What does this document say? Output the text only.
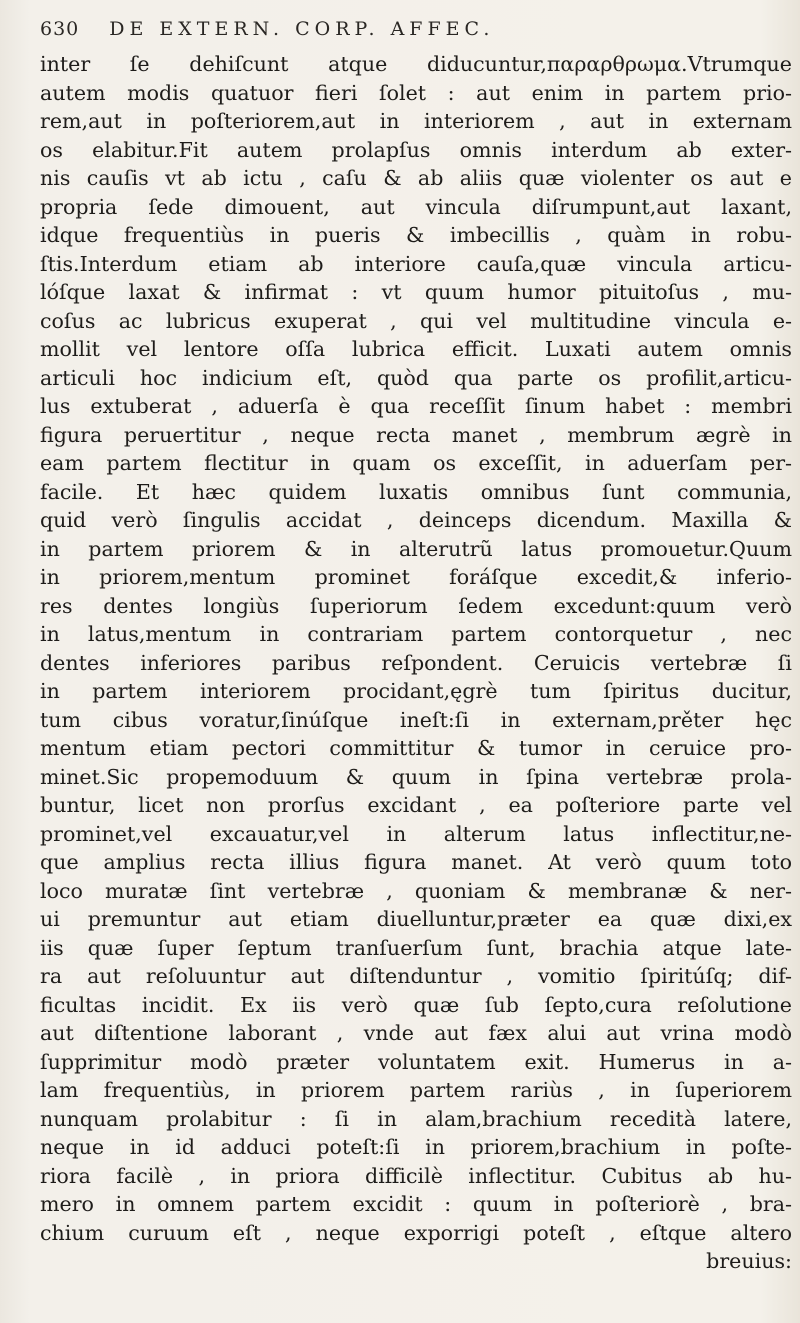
630 DE EXTERN. CORP. AFFEC.
inter ſe dehiſcunt atque diducuntur,παραρθρωμα.Vtrumque
autem modis quatuor fieri ſolet : aut enim in partem prio-
rem,aut in poſteriorem,aut in interiorem , aut in externam
os elabitur.Fit autem prolapſus omnis interdum ab exter-
nis cauſis vt ab ictu , caſu & ab aliis quæ violenter os aut e
propria ſede dimouent, aut vincula diſrumpunt,aut laxant,
idque frequentiùs in pueris & imbecillis , quàm in robu-
ſtis.Interdum etiam ab interiore cauſa,quæ vincula articu-
lóſque laxat & infirmat : vt quum humor pituitoſus , mu-
coſus ac lubricus exuperat , qui vel multitudine vincula e-
mollit vel lentore oſſa lubrica efficit. Luxati autem omnis
articuli hoc indicium eſt, quòd qua parte os profilit,articu-
lus extuberat , aduerſa è qua receſſit ſinum habet : membri
figura peruertitur , neque recta manet , membrum ægrè in
eam partem flectitur in quam os exceſſit, in aduerſam per-
facile. Et hæc quidem luxatis omnibus ſunt communia,
quid verò ſingulis accidat , deinceps dicendum. Maxilla &
in partem priorem & in alterutrũ latus promouetur.Quum
in priorem,mentum prominet foráſque excedit,& inferio-
res dentes longiùs ſuperiorum ſedem excedunt:quum verò
in latus,mentum in contrariam partem contorquetur , nec
dentes inferiores paribus reſpondent. Ceruicis vertebræ ſi
in partem interiorem procidant,ęgrè tum ſpiritus ducitur,
tum cibus voratur,ſinúſque ineſt:ſi in externam,prěter hęc
mentum etiam pectori committitur & tumor in ceruice pro-
minet.Sic propemoduum & quum in ſpina vertebræ prola-
buntur, licet non prorſus excidant , ea poſteriore parte vel
prominet,vel excauatur,vel in alterum latus inflectitur,ne-
que amplius recta illius figura manet. At verò quum toto
loco muratæ ſint vertebræ , quoniam & membranæ & ner-
ui premuntur aut etiam diuelluntur,præter ea quæ dixi,ex
iis quæ ſuper ſeptum tranſuerſum ſunt, brachia atque late-
ra aut reſoluuntur aut diſtenduntur , vomitio ſpiritúſq; dif-
ficultas incidit. Ex iis verò quæ ſub ſepto,cura reſolutione
aut diſtentione laborant , vnde aut fæx alui aut vrina modò
ſupprimitur modò præter voluntatem exit. Humerus in a-
lam frequentiùs, in priorem partem rariùs , in ſuperiorem
nunquam prolabitur : ſi in alam,brachium recedità latere,
neque in id adduci poteſt:ſi in priorem,brachium in poſte-
riora facilè , in priora difficilè inflectitur. Cubitus ab hu-
mero in omnem partem excidit : quum in poſteriorè , bra-
chium curuum eſt , neque exporrigi poteſt , eſtque altero
breuius:
